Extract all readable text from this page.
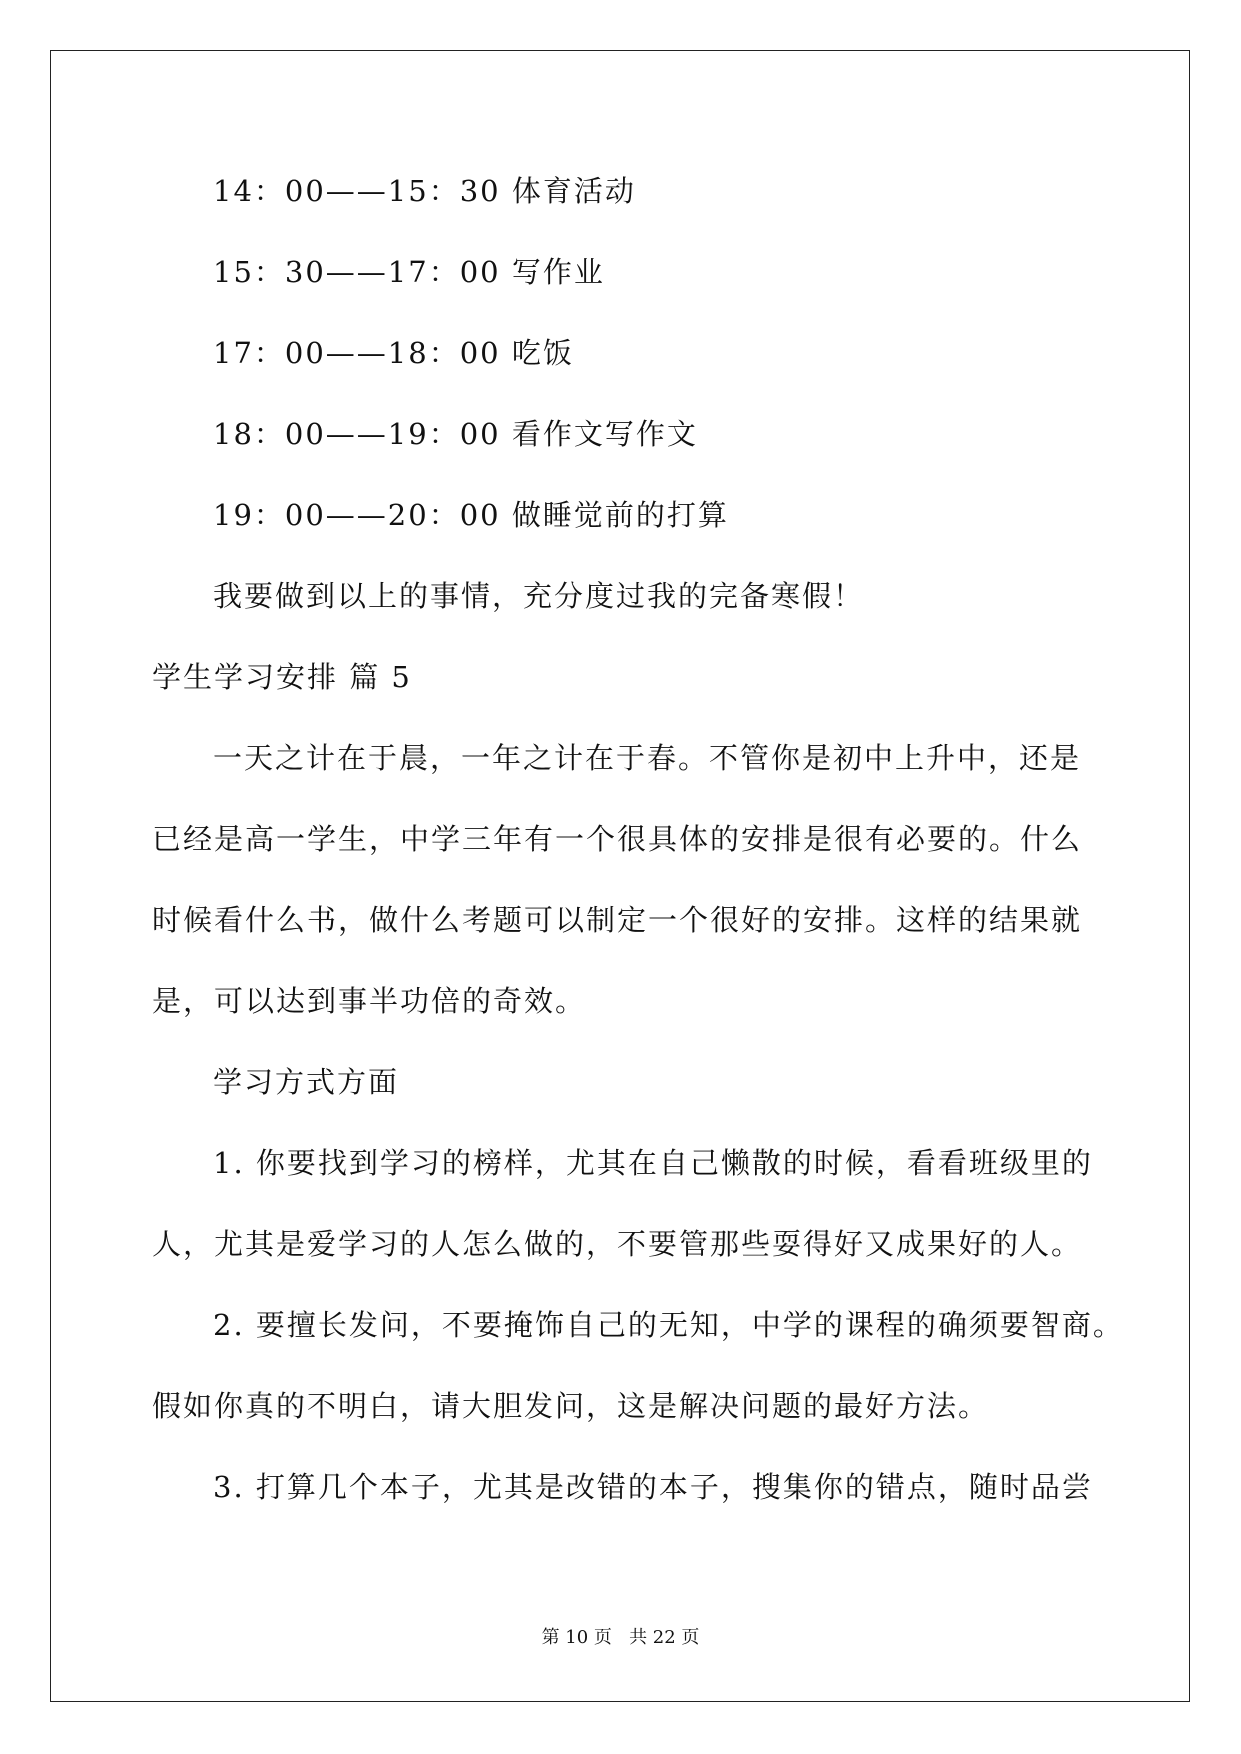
14：00——15：30 体育活动
15：30——17：00 写作业
17：00——18：00 吃饭
18：00——19：00 看作文写作文
19：00——20：00 做睡觉前的打算
我要做到以上的事情，充分度过我的完备寒假！
学生学习安排 篇 5
一天之计在于晨，一年之计在于春。不管你是初中上升中，还是
已经是高一学生，中学三年有一个很具体的安排是很有必要的。什么
时候看什么书，做什么考题可以制定一个很好的安排。这样的结果就
是，可以达到事半功倍的奇效。
学习方式方面
1. 你要找到学习的榜样，尤其在自己懒散的时候，看看班级里的
人，尤其是爱学习的人怎么做的，不要管那些耍得好又成果好的人。
2. 要擅长发问，不要掩饰自己的无知，中学的课程的确须要智商。
假如你真的不明白，请大胆发问，这是解决问题的最好方法。
3. 打算几个本子，尤其是改错的本子，搜集你的错点，随时品尝
第 10 页   共 22 页
